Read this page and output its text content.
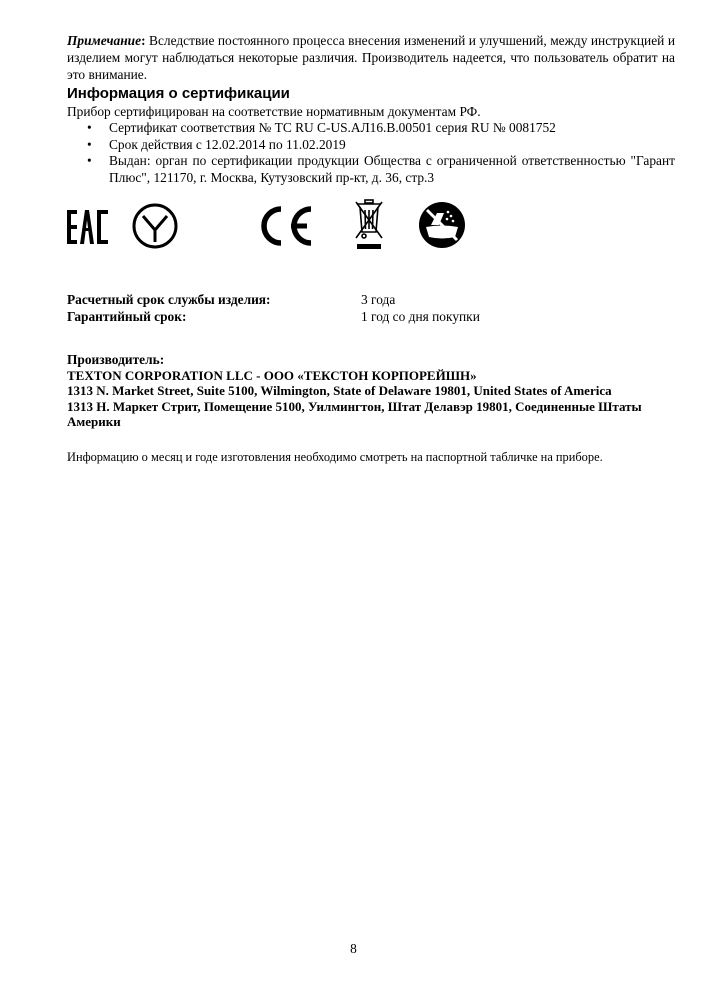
Примечание: Вследствие постоянного процесса внесения изменений и улучшений, между инструкцией и изделием могут наблюдаться некоторые различия. Производитель надеется, что пользователь обратит на это внимание.
Информация о сертификации
Прибор сертифицирован на соответствие нормативным документам РФ.
• Сертификат соответствия № ТС RU С-US.АЛ16.В.00501 серия RU № 0081752
• Срок действия с 12.02.2014 по 11.02.2019
• Выдан: орган по сертификации продукции Общества с ограниченной ответственностью "Гарант Плюс", 121170, г. Москва, Кутузовский пр-кт, д. 36, стр.3
Расчетный срок службы изделия:	3 года
Гарантийный срок:	1 год со дня покупки
Производитель:
TEXTON CORPORATION LLC - ООО «ТЕКСТОН КОРПОРЕЙШН»
1313 N. Market Street, Suite 5100, Wilmington, State of Delaware 19801, United States of America
1313 Н. Маркет Стрит, Помещение 5100, Уилмингтон, Штат Делавэр 19801, Соединенные Штаты Америки
Информацию о месяц и годе изготовления необходимо смотреть на паспортной табличке на приборе.
8
